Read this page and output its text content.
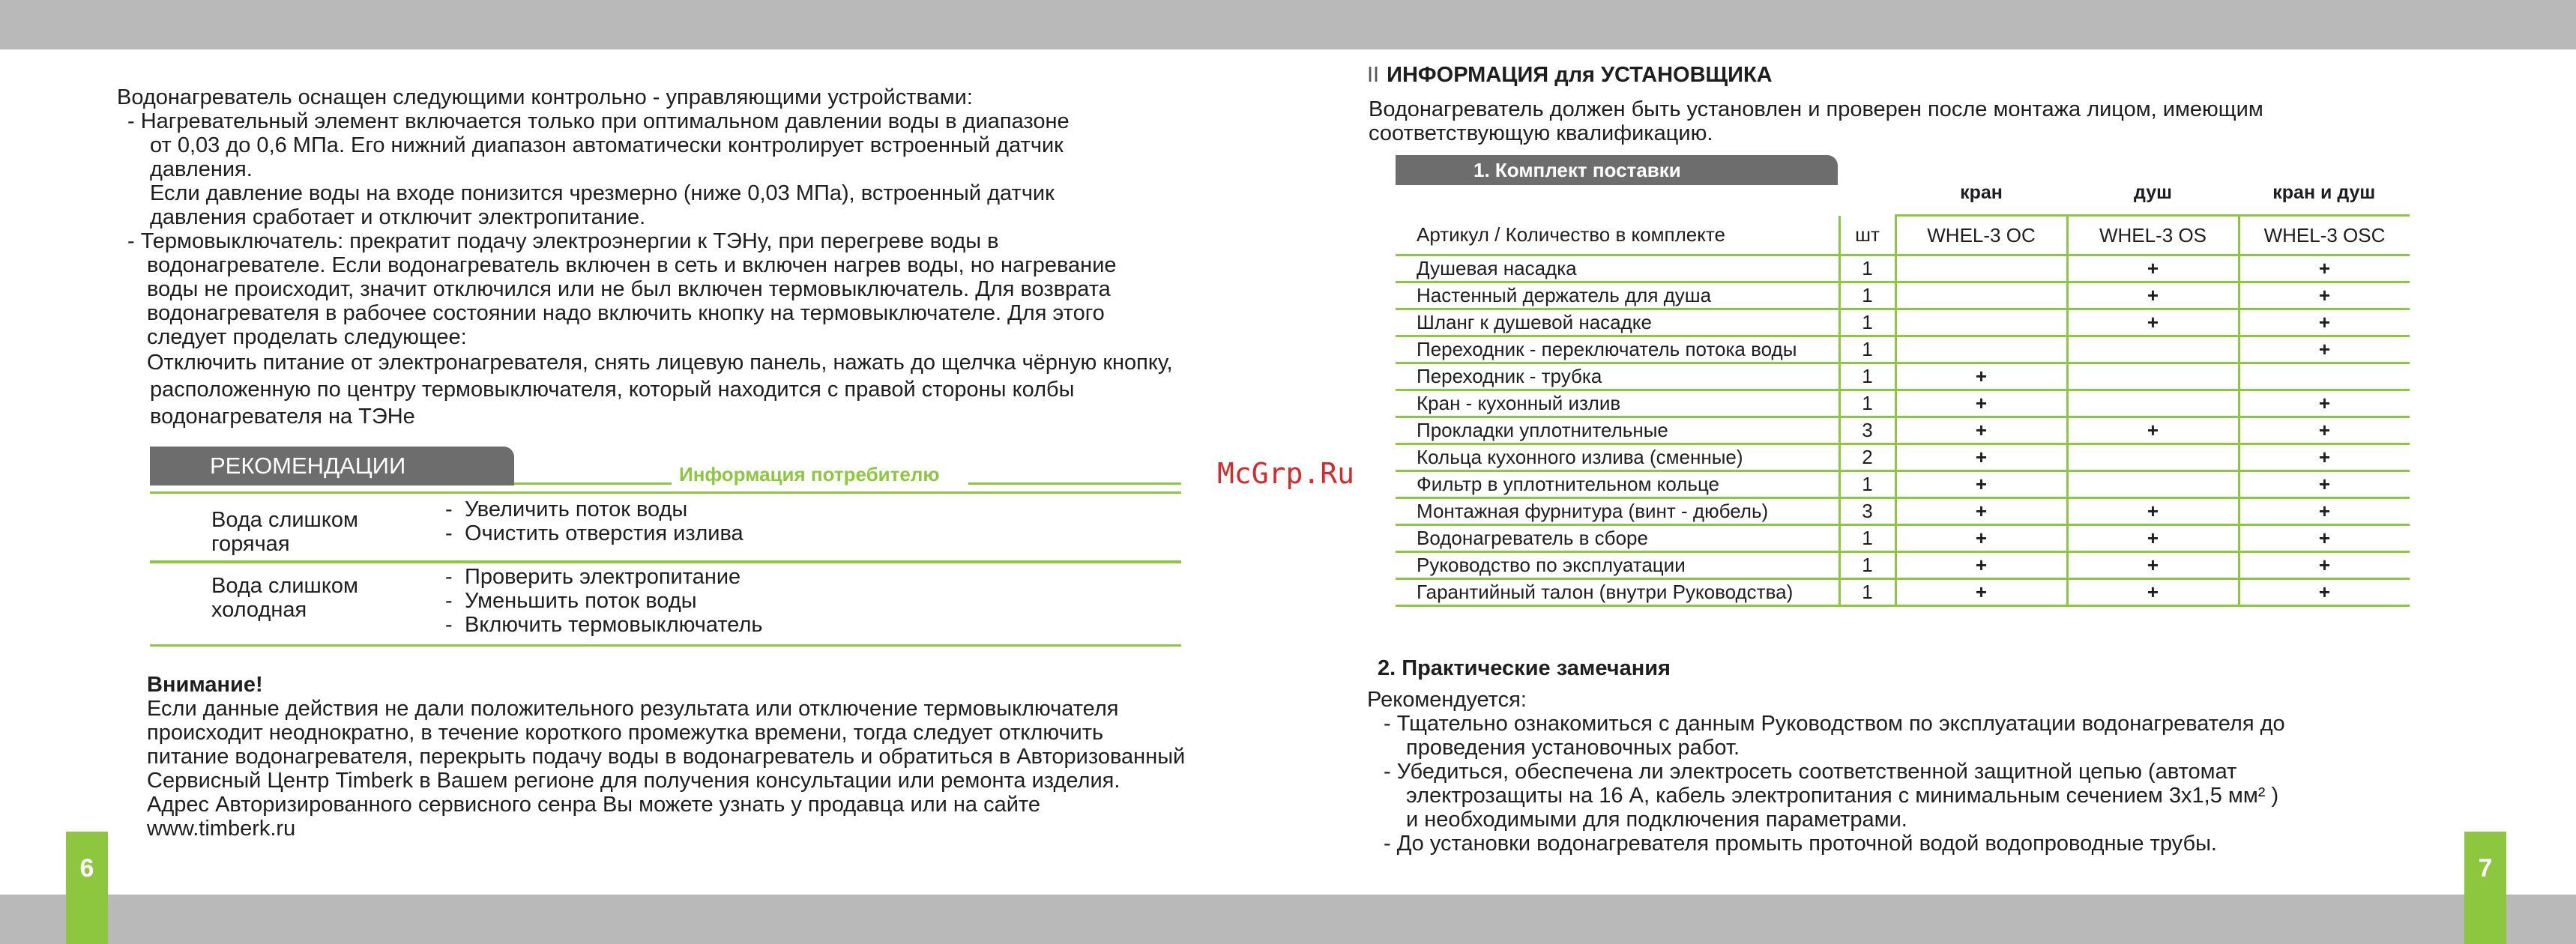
Водонагреватель оснащен следующими контрольно - управляющими устройствами:
- Нагревательный элемент включается только при оптимальном давлении воды в диапазоне
от 0,03 до 0,6 МПа. Его нижний диапазон автоматически контролирует встроенный датчик
давления.
Если давление воды на входе понизится чрезмерно (ниже 0,03 МПа), встроенный датчик
давления сработает и отключит электропитание.
- Термовыключатель: прекратит подачу электроэнергии к ТЭНу, при перегреве воды в
водонагревателе. Если водонагреватель включен в сеть и включен нагрев воды, но нагревание
воды не происходит, значит отключился или не был включен термовыключатель. Для возврата
водонагревателя в рабочее состоянии надо включить кнопку на термовыключателе. Для этого
следует проделать следующее:
Отключить питание от электронагревателя, снять лицевую панель, нажать до щелчка чёрную кнопку,
расположенную по центру термовыключателя, который находится с правой стороны колбы
водонагревателя на ТЭНе
РЕКОМЕНДАЦИИ	Информация потребителю
Вода слишком
горячая
- Увеличить поток воды
- Очистить отверстия излива
Вода слишком
холодная
- Проверить электропитание
- Уменьшить поток воды
- Включить термовыключатель
Внимание!
Если данные действия не дали положительного результата или отключение термовыключателя
происходит неоднократно, в течение короткого промежутка времени, тогда следует отключить
питание водонагревателя, перекрыть подачу воды в водонагреватель и обратиться в Авторизованный
Сервисный Центр Timberk в Вашем регионе для получения консультации или ремонта изделия.
Адрес Авторизированного сервисного сенра Вы можете узнать у продавца или на сайте
www.timberk.ru
6
McGrp.Ru
II ИНФОРМАЦИЯ для УСТАНОВЩИКА
Водонагреватель должен быть установлен и проверен после монтажа лицом, имеющим
соответствующую квалификацию.
1. Комплект поставки
		кран	душ	кран и душ
Артикул / Количество в комплекте	шт	WHEL-3 OC	WHEL-3 OS	WHEL-3 OSC
Душевая насадка	1		+	+
Настенный держатель для душа	1		+	+
Шланг к душевой насадке	1		+	+
Переходник - переключатель потока воды	1			+
Переходник - трубка	1	+		
Кран - кухонный излив	1	+		+
Прокладки уплотнительные	3	+	+	+
Кольца кухонного излива (сменные)	2	+		+
Фильтр в уплотнительном кольце	1	+		+
Монтажная фурнитура (винт - дюбель)	3	+	+	+
Водонагреватель в сборе	1	+	+	+
Руководство по эксплуатации	1	+	+	+
Гарантийный талон (внутри Руководства)	1	+	+	+
2. Практические замечания
Рекомендуется:
- Тщательно ознакомиться с данным Руководством по эксплуатации водонагревателя до
проведения установочных работ.
- Убедиться, обеспечена ли электросеть соответственной защитной цепью (автомат
электрозащиты на 16 А, кабель электропитания с минимальным сечением 3х1,5 мм² )
и необходимыми для подключения параметрами.
- До установки водонагревателя промыть проточной водой водопроводные трубы.
7
